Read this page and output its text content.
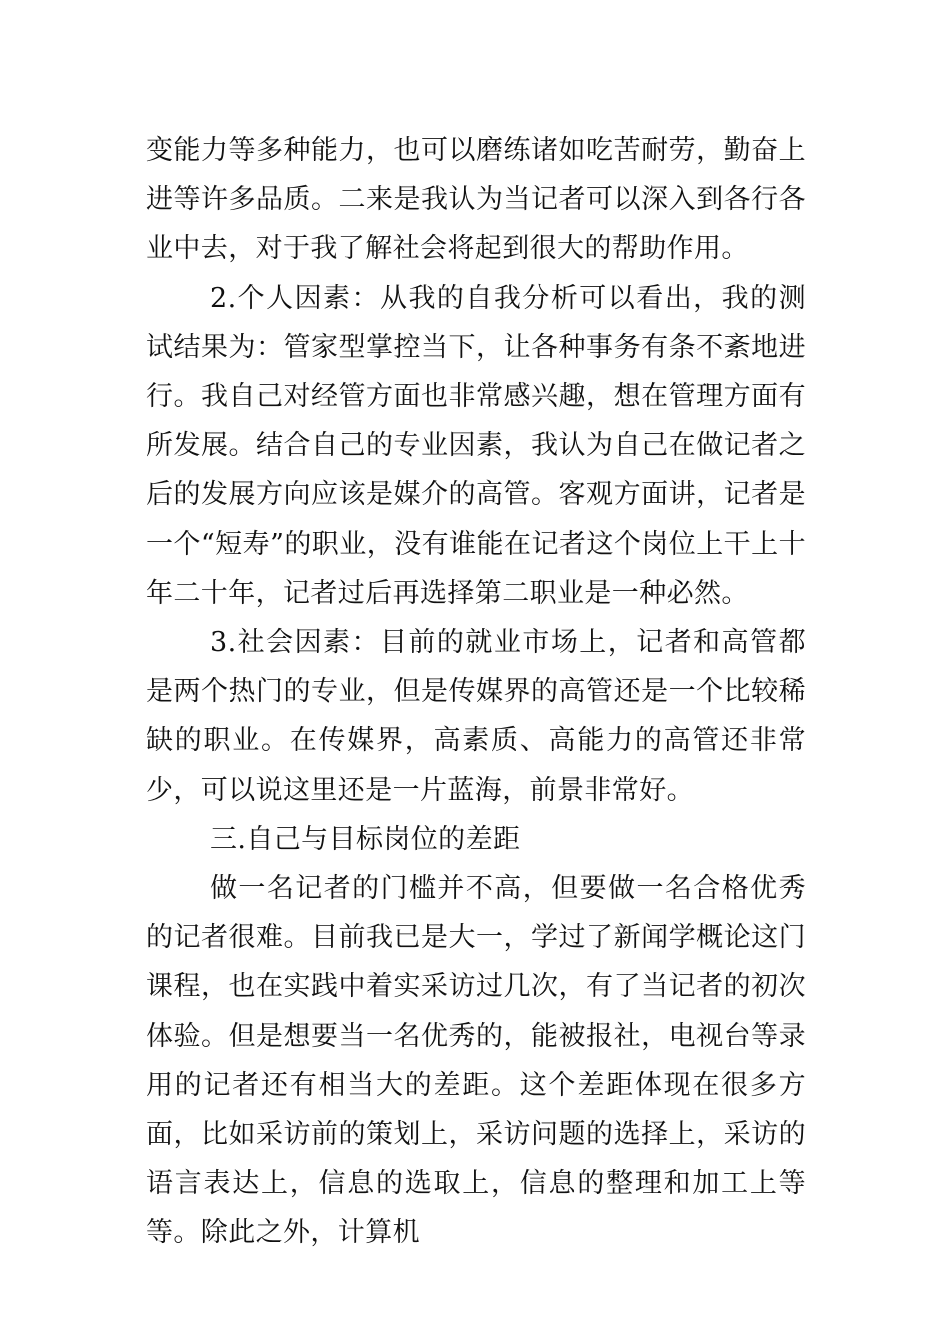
变能力等多种能力，也可以磨练诸如吃苦耐劳，勤奋上进等许多品质。二来是我认为当记者可以深入到各行各业中去，对于我了解社会将起到很大的帮助作用。

2.个人因素：从我的自我分析可以看出，我的测试结果为：管家型掌控当下，让各种事务有条不紊地进行。我自己对经管方面也非常感兴趣，想在管理方面有所发展。结合自己的专业因素，我认为自己在做记者之后的发展方向应该是媒介的高管。客观方面讲，记者是一个“短寿”的职业，没有谁能在记者这个岗位上干上十年二十年，记者过后再选择第二职业是一种必然。

3.社会因素：目前的就业市场上，记者和高管都是两个热门的专业，但是传媒界的高管还是一个比较稀缺的职业。在传媒界，高素质、高能力的高管还非常少，可以说这里还是一片蓝海，前景非常好。

三.自己与目标岗位的差距

做一名记者的门槛并不高，但要做一名合格优秀的记者很难。目前我已是大一，学过了新闻学概论这门课程，也在实践中着实采访过几次，有了当记者的初次体验。但是想要当一名优秀的，能被报社，电视台等录用的记者还有相当大的差距。这个差距体现在很多方面，比如采访前的策划上，采访问题的选择上，采访的语言表达上，信息的选取上，信息的整理和加工上等等。除此之外，计算机
